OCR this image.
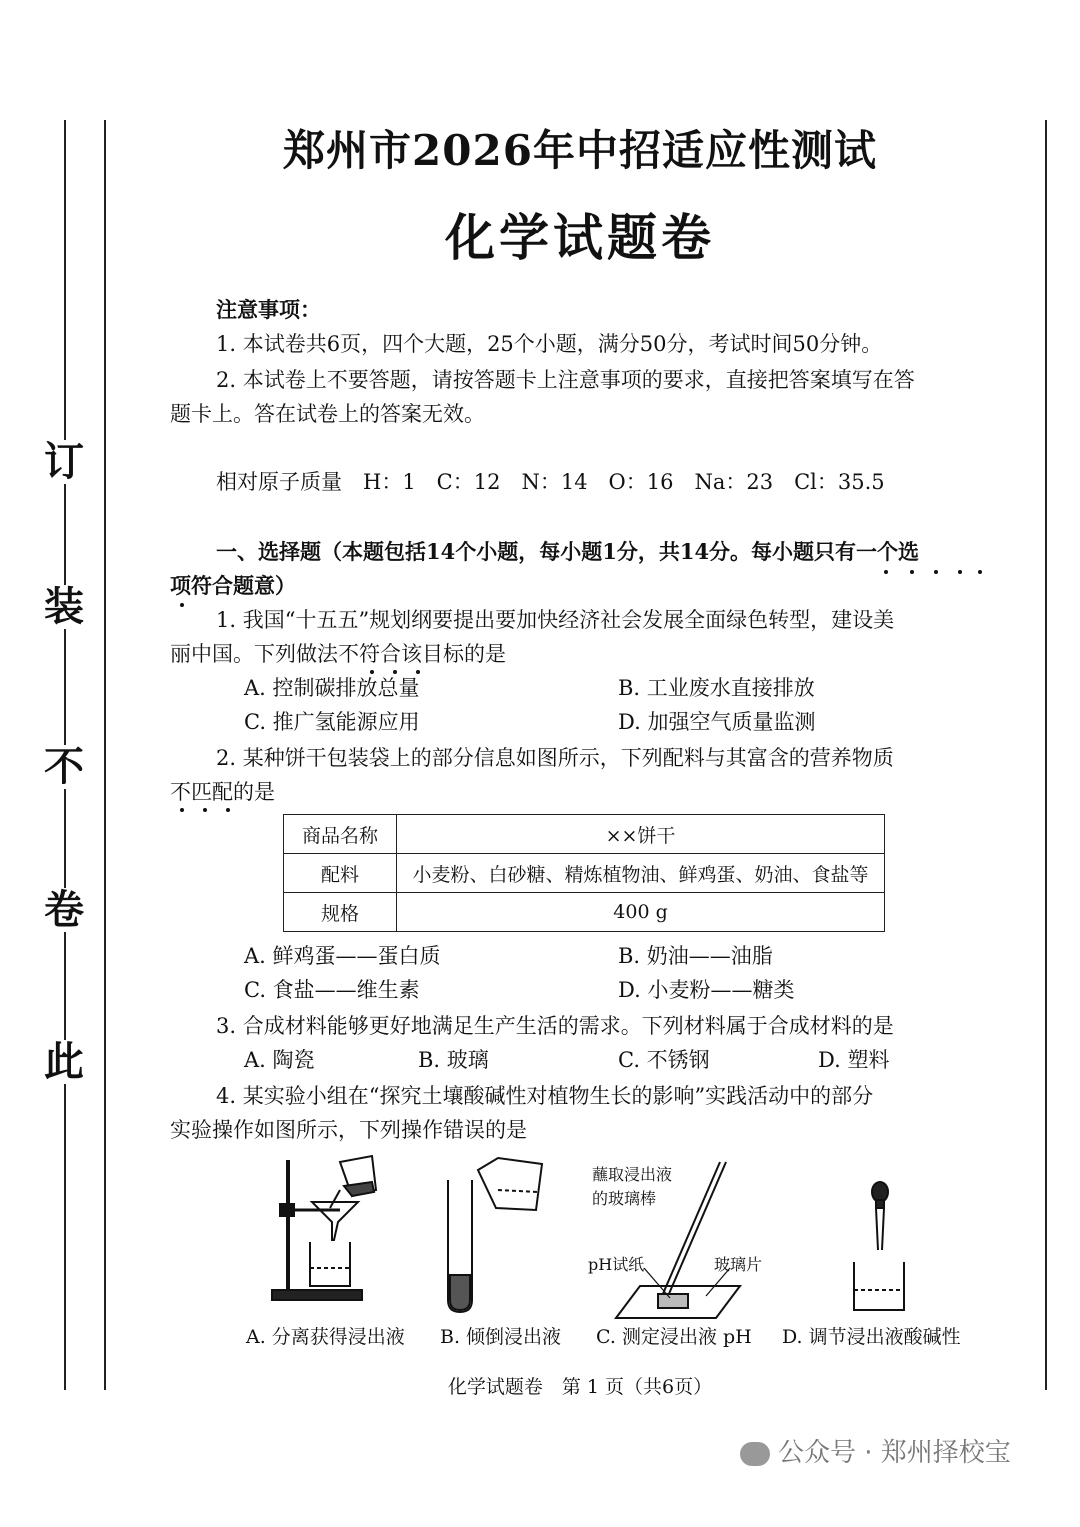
订
装
不
卷
此
郑州市2026年中招适应性测试
化学试题卷
注意事项：
1. 本试卷共6页，四个大题，25个小题，满分50分，考试时间50分钟。
2. 本试卷上不要答题，请按答题卡上注意事项的要求，直接把答案填写在答
题卡上。答在试卷上的答案无效。
相对原子质量　H：1　C：12　N：14　O：16　Na：23　Cl：35.5
一、选择题（本题包括14个小题，每小题1分，共14分。每小题只有一个选
项符合题意）
1. 我国“十五五”规划纲要提出要加快经济社会发展全面绿色转型，建设美
丽中国。下列做法不符合该目标的是
A. 控制碳排放总量	B. 工业废水直接排放
C. 推广氢能源应用	D. 加强空气质量监测
2. 某种饼干包装袋上的部分信息如图所示，下列配料与其富含的营养物质
不匹配的是
商品名称	××饼干
配料	小麦粉、白砂糖、精炼植物油、鲜鸡蛋、奶油、食盐等
规格	400 g
A. 鲜鸡蛋——蛋白质	B. 奶油——油脂
C. 食盐——维生素	D. 小麦粉——糖类
3. 合成材料能够更好地满足生产生活的需求。下列材料属于合成材料的是
A. 陶瓷	B. 玻璃	C. 不锈钢	D. 塑料
4. 某实验小组在“探究土壤酸碱性对植物生长的影响”实践活动中的部分
实验操作如图所示，下列操作错误的是
蘸取浸出液
的玻璃棒
pH试纸	玻璃片
A. 分离获得浸出液 B. 倾倒浸出液 C. 测定浸出液 pH D. 调节浸出液酸碱性
化学试题卷　第 1 页（共6页）
公众号 · 郑州择校宝
